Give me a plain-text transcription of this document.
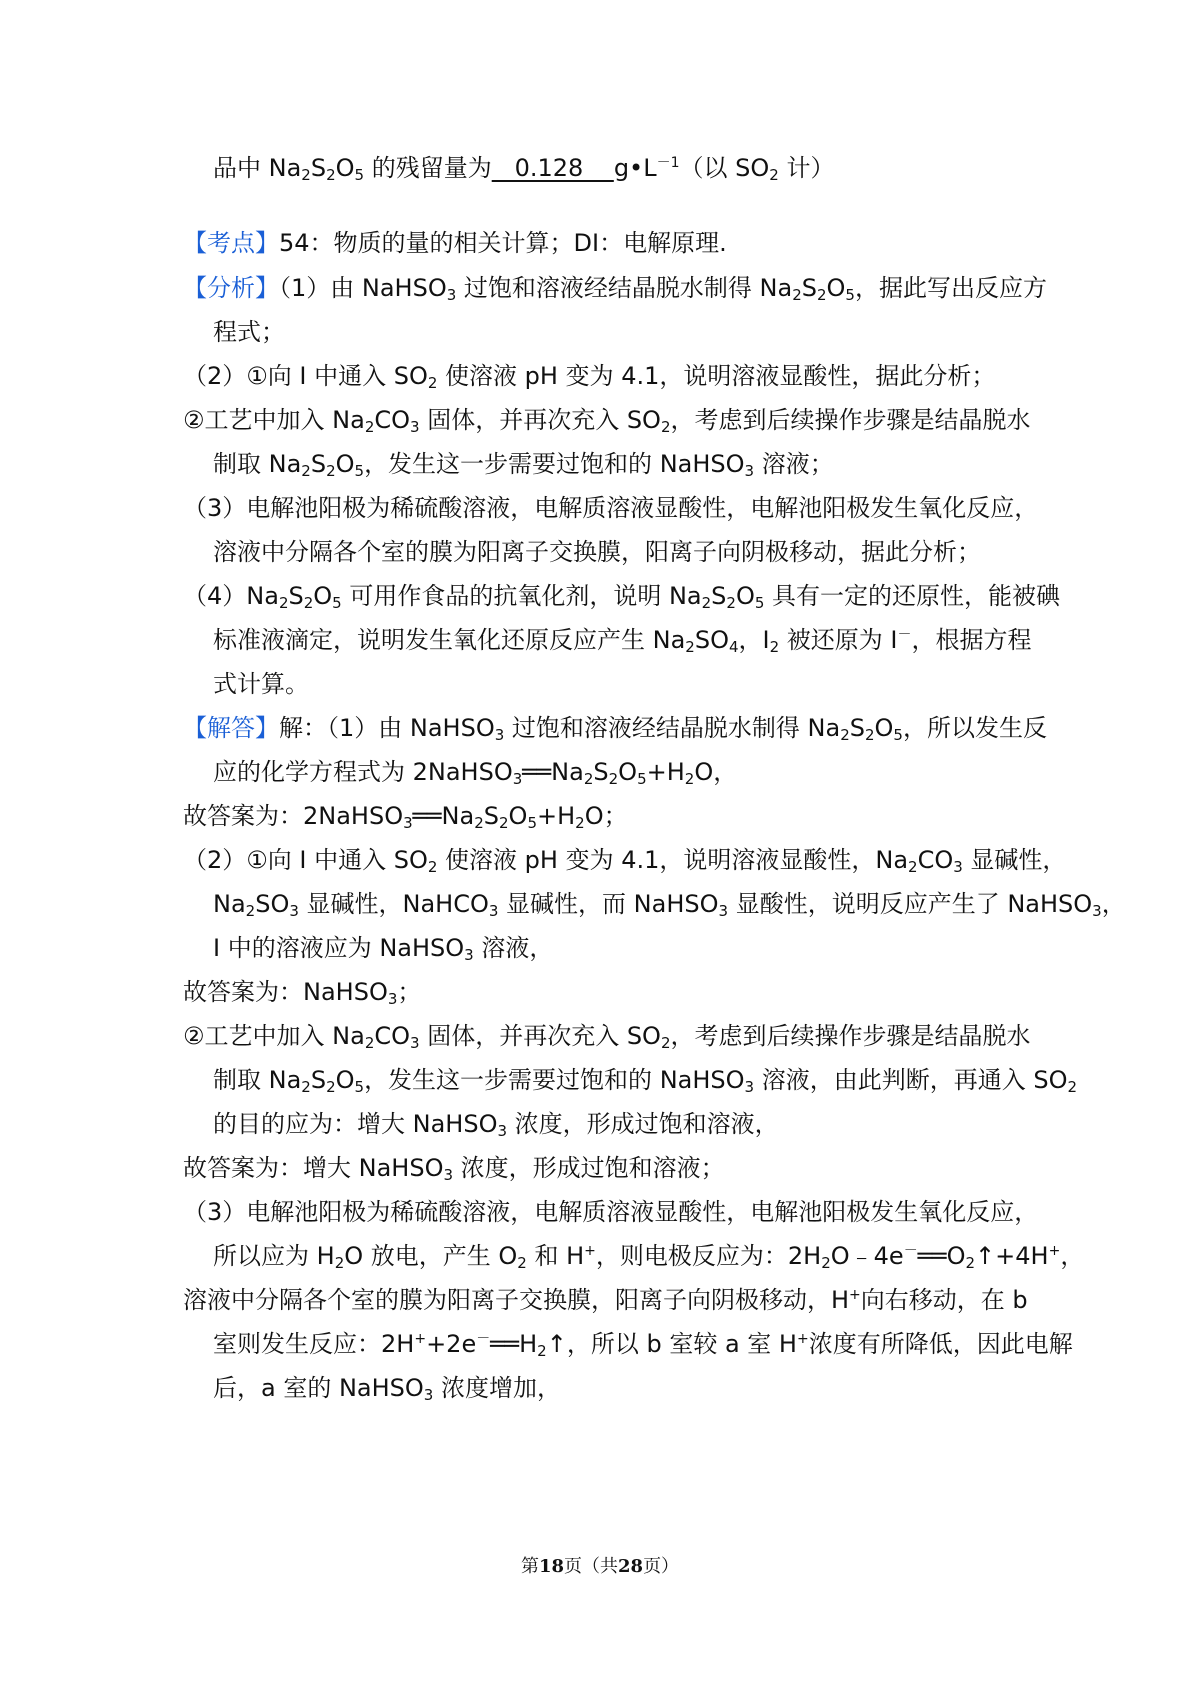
品中 $Na_2S_2O_5$ 的残留量为   0.128    $g•L^{-1}$（以 $SO_2$ 计）
【考点】54：物质的量的相关计算；DI：电解原理.
【分析】（1）由 NaHSO$_3$ 过饱和溶液经结晶脱水制得 $Na_2S_2O_5$，据此写出反应方
程式；
（2）①向 I 中通入 $SO_2$ 使溶液 pH 变为 4.1，说明溶液显酸性，据此分析；
②工艺中加入 $Na_2CO_3$ 固体，并再次充入 $SO_2$，考虑到后续操作步骤是结晶脱水
制取 $Na_2S_2O_5$，发生这一步需要过饱和的 NaHSO$_3$ 溶液；
（3）电解池阳极为稀硫酸溶液，电解质溶液显酸性，电解池阳极发生氧化反应，
溶液中分隔各个室的膜为阳离子交换膜，阳离子向阴极移动，据此分析；
$(4)Na_2S_2O_5$ 可用作食品的抗氧化剂，说明 $Na_2S_2O_5$ 具有一定的还原性，能被碘
标准液滴定，说明发生氧化还原反应产生 $Na_2SO_4$，$I_2$ 被还原为 I－，根据方程
式计算。
【解答】解：（1）由 NaHSO$_3$ 过饱和溶液经结晶脱水制得 $Na_2S_2O_5$，所以发生反
应的化学方程式为 $2NaHSO_3══Na_2S_2O_5+H_2O$，
故答案为：$2NaHSO_3══Na_2S_2O_5+H_2O$；
（2）①向 I 中通入 $SO_2$ 使溶液 pH 变为 4.1，说明溶液显酸性，$Na_2CO_3$ 显碱性，
$Na_2SO_3$ 显碱性，NaHCO$_3$ 显碱性，而 NaHSO$_3$ 显酸性，说明反应产生了 NaHSO$_3$，
I 中的溶液应为 NaHSO$_3$ 溶液，
故答案为：NaHSO$_3$；
②工艺中加入 $Na_2CO_3$ 固体，并再次充入 $SO_2$，考虑到后续操作步骤是结晶脱水
制取 $Na_2S_2O_5$，发生这一步需要过饱和的 NaHSO$_3$ 溶液，由此判断，再通入 $SO_2$
的目的应为：增大 NaHSO$_3$ 浓度，形成过饱和溶液，
故答案为：增大 NaHSO$_3$ 浓度，形成过饱和溶液；
（3）电解池阳极为稀硫酸溶液，电解质溶液显酸性，电解池阳极发生氧化反应，
所以应为 $H_2O$ 放电，产生 $O_2$ 和 H+，则电极反应为：$2H_2O﹣4e^-══O_2↑+4H^+$，
溶液中分隔各个室的膜为阳离子交换膜，阳离子向阴极移动，H+向右移动，在 b
室则发生反应：$2H^++2e^-══H_2↑$，所以 b 室较 a 室 H+浓度有所降低，因此电解
后，a 室的 NaHSO$_3$ 浓度增加，
第18页（共28页）
